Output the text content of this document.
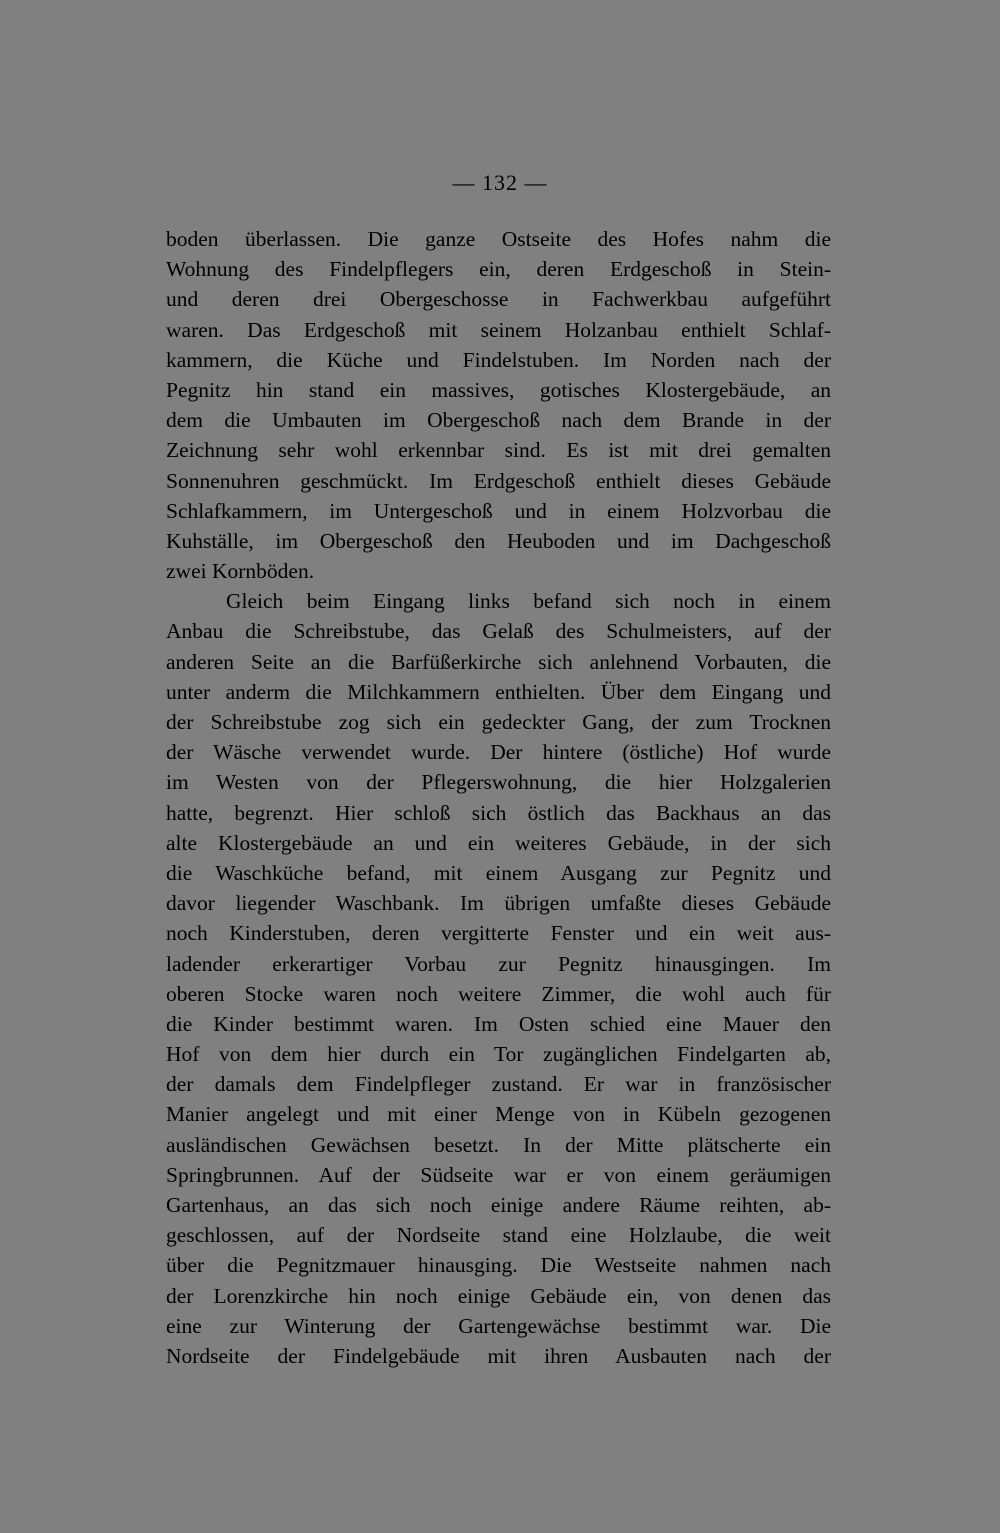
— 132 —
boden überlassen. Die ganze Ostseite des Hofes nahm die
Wohnung des Findelpflegers ein, deren Erdgeschoß in Stein-
und deren drei Obergeschosse in Fachwerkbau aufgeführt
waren. Das Erdgeschoß mit seinem Holzanbau enthielt Schlaf-
kammern, die Küche und Findelstuben. Im Norden nach der
Pegnitz hin stand ein massives, gotisches Klostergebäude, an
dem die Umbauten im Obergeschoß nach dem Brande in der
Zeichnung sehr wohl erkennbar sind. Es ist mit drei gemalten
Sonnenuhren geschmückt. Im Erdgeschoß enthielt dieses Gebäude
Schlafkammern, im Untergeschoß und in einem Holzvorbau die
Kuhställe, im Obergeschoß den Heuboden und im Dachgeschoß
zwei Kornböden.
Gleich beim Eingang links befand sich noch in einem
Anbau die Schreibstube, das Gelaß des Schulmeisters, auf der
anderen Seite an die Barfüßerkirche sich anlehnend Vorbauten, die
unter anderm die Milchkammern enthielten. Über dem Eingang und
der Schreibstube zog sich ein gedeckter Gang, der zum Trocknen
der Wäsche verwendet wurde. Der hintere (östliche) Hof wurde
im Westen von der Pflegerswohnung, die hier Holzgalerien
hatte, begrenzt. Hier schloß sich östlich das Backhaus an das
alte Klostergebäude an und ein weiteres Gebäude, in der sich
die Waschküche befand, mit einem Ausgang zur Pegnitz und
davor liegender Waschbank. Im übrigen umfaßte dieses Gebäude
noch Kinderstuben, deren vergitterte Fenster und ein weit aus-
ladender erkerartiger Vorbau zur Pegnitz hinausgingen. Im
oberen Stocke waren noch weitere Zimmer, die wohl auch für
die Kinder bestimmt waren. Im Osten schied eine Mauer den
Hof von dem hier durch ein Tor zugänglichen Findelgarten ab,
der damals dem Findelpfleger zustand. Er war in französischer
Manier angelegt und mit einer Menge von in Kübeln gezogenen
ausländischen Gewächsen besetzt. In der Mitte plätscherte ein
Springbrunnen. Auf der Südseite war er von einem geräumigen
Gartenhaus, an das sich noch einige andere Räume reihten, ab-
geschlossen, auf der Nordseite stand eine Holzlaube, die weit
über die Pegnitzmauer hinausging. Die Westseite nahmen nach
der Lorenzkirche hin noch einige Gebäude ein, von denen das
eine zur Winterung der Gartengewächse bestimmt war. Die
Nordseite der Findelgebäude mit ihren Ausbauten nach der
